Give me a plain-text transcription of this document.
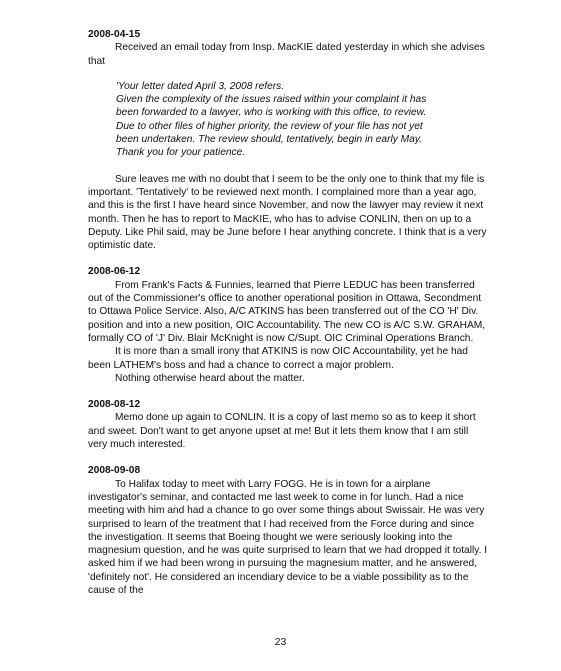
2008-04-15

Received an email today from Insp. MacKIE dated yesterday in which she advises that

'Your letter dated April 3, 2008 refers.

Given the complexity of the issues raised within your complaint it has been forwarded to a lawyer, who is working with this office, to review. Due to other files of higher priority, the review of your file has not yet been undertaken. The review should, tentatively, begin in early May.

Thank you for your patience.

Sure leaves me with no doubt that I seem to be the only one to think that my file is important. 'Tentatively' to be reviewed next month. I complained more than a year ago, and this is the first I have heard since November, and now the lawyer may review it next month. Then he has to report to MacKIE, who has to advise CONLIN, then on up to a Deputy. Like Phil said, may be June before I hear anything concrete. I think that is a very optimistic date.

2008-06-12

From Frank's Facts & Funnies, learned that Pierre LEDUC has been transferred out of the Commissioner's office to another operational position in Ottawa, Secondment to Ottawa Police Service. Also, A/C ATKINS has been transferred out of the CO 'H' Div. position and into a new position, OIC Accountability. The new CO is A/C S.W. GRAHAM, formally CO of 'J' Div. Blair McKnight is now C/Supt. OIC Criminal Operations Branch.

It is more than a small irony that ATKINS is now OIC Accountability, yet he had been LATHEM's boss and had a chance to correct a major problem.

Nothing otherwise heard about the matter.

2008-08-12

Memo done up again to CONLIN. It is a copy of last memo so as to keep it short and sweet. Don't want to get anyone upset at me! But it lets them know that I am still very much interested.

2008-09-08

To Halifax today to meet with Larry FOGG. He is in town for a airplane investigator's seminar, and contacted me last week to come in for lunch. Had a nice meeting with him and had a chance to go over some things about Swissair. He was very surprised to learn of the treatment that I had received from the Force during and since the investigation. It seems that Boeing thought we were seriously looking into the magnesium question, and he was quite surprised to learn that we had dropped it totally. I asked him if we had been wrong in pursuing the magnesium matter, and he answered, 'definitely not'. He considered an incendiary device to be a viable possibility as to the cause of the

23
